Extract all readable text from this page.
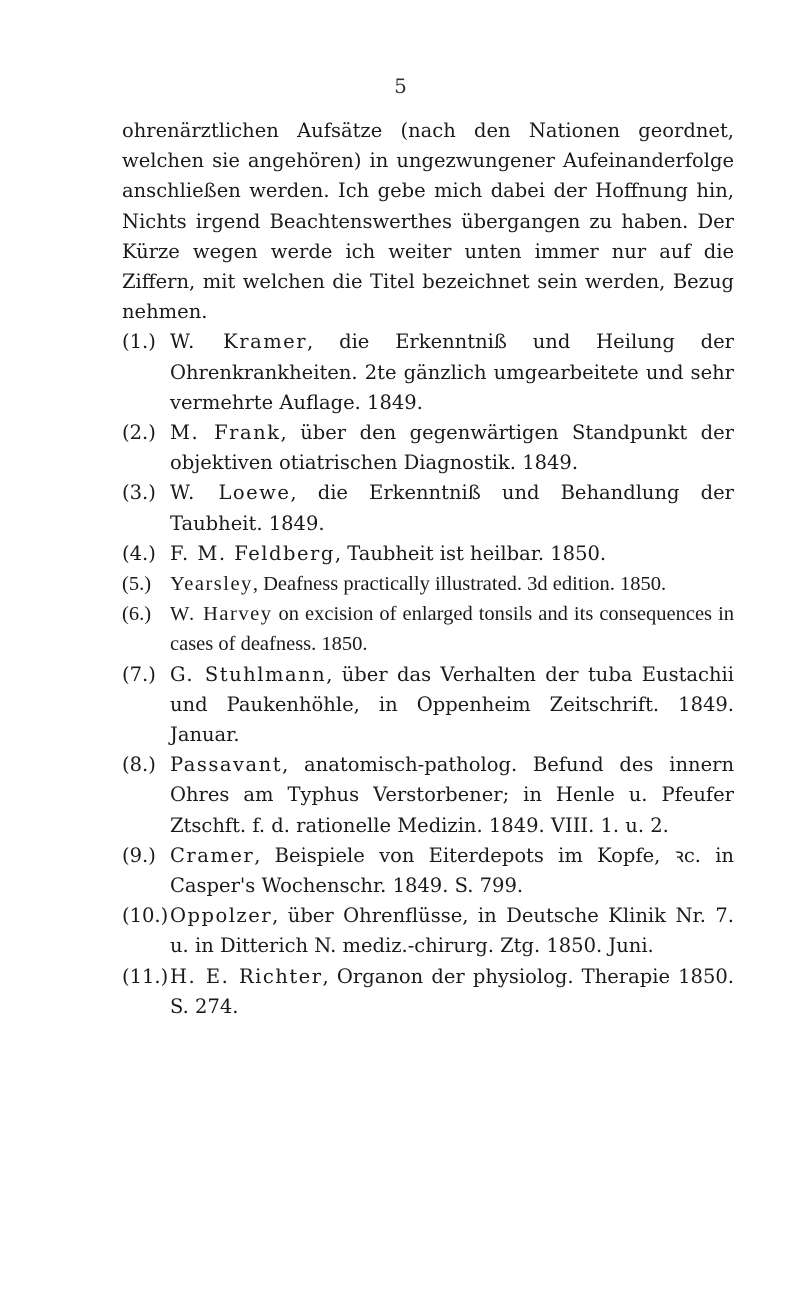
5

ohrenärztlichen Aufsätze (nach den Nationen geordnet, welchen sie angehören) in ungezwungener Aufeinanderfolge anschließen werden. Ich gebe mich dabei der Hoffnung hin, Nichts irgend Beachtenswerthes übergangen zu haben. Der Kürze wegen werde ich weiter unten immer nur auf die Ziffern, mit welchen die Titel bezeichnet sein werden, Bezug nehmen.

(1.) W. Kramer, die Erkenntniß und Heilung der Ohrenkrankheiten. 2te gänzlich umgearbeitete und sehr vermehrte Auflage. 1849.

(2.) M. Frank, über den gegenwärtigen Standpunkt der objektiven otiatrischen Diagnostik. 1849.

(3.) W. Loewe, die Erkenntniß und Behandlung der Taubheit. 1849.

(4.) F. M. Feldberg, Taubheit ist heilbar. 1850.

(5.) Yearsley, Deafness practically illustrated. 3d edition. 1850.

(6.) W. Harvey on excision of enlarged tonsils and its consequences in cases of deafness. 1850.

(7.) G. Stuhlmann, über das Verhalten der tuba Eustachii und Paukenhöhle, in Oppenheim Zeitschrift. 1849. Januar.

(8.) Passavant, anatomisch-patholog. Befund des innern Ohres am Typhus Verstorbener; in Henle u. Pfeufer Ztschft. f. d. rationelle Medizin. 1849. VIII. 1. u. 2.

(9.) Cramer, Beispiele von Eiterdepots im Kopfe, ꝛc. in Casper's Wochenschr. 1849. S. 799.

(10.) Oppolzer, über Ohrenflüsse, in Deutsche Klinik Nr. 7. u. in Ditterich N. mediz.-chirurg. Ztg. 1850. Juni.

(11.) H. E. Richter, Organon der physiolog. Therapie 1850. S. 274.
